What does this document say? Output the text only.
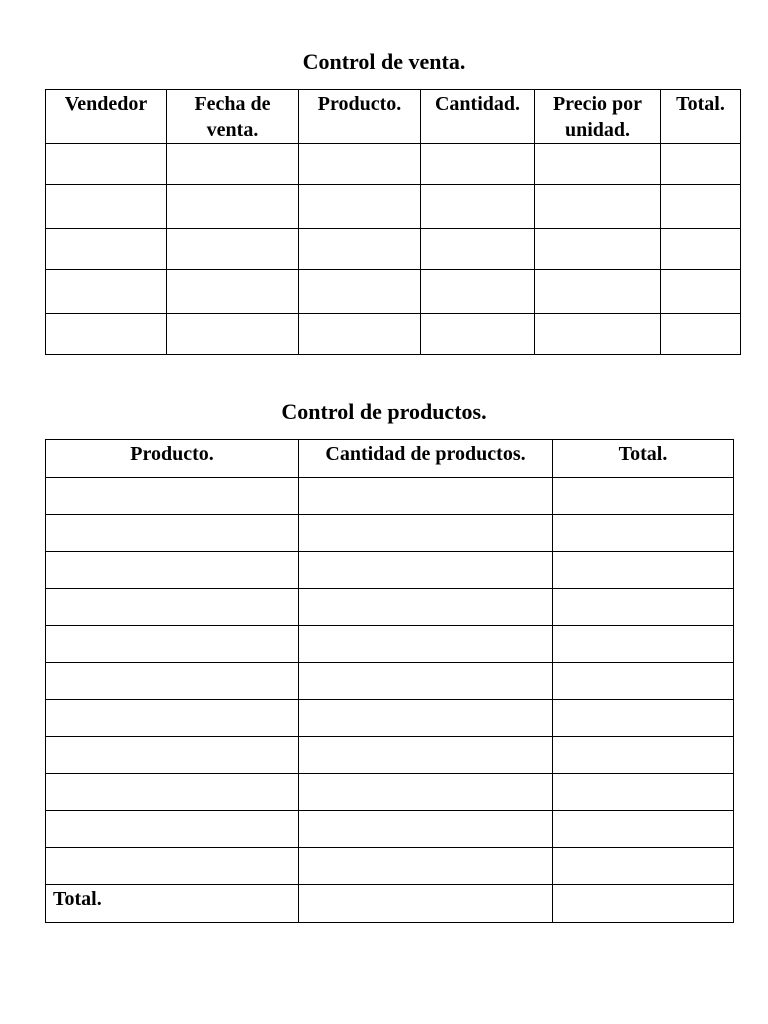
Control de venta.
Vendedor	Fecha de venta.	Producto.	Cantidad.	Precio por unidad.	Total.

Control de productos.
Producto.	Cantidad de productos.	Total.

Total.		
